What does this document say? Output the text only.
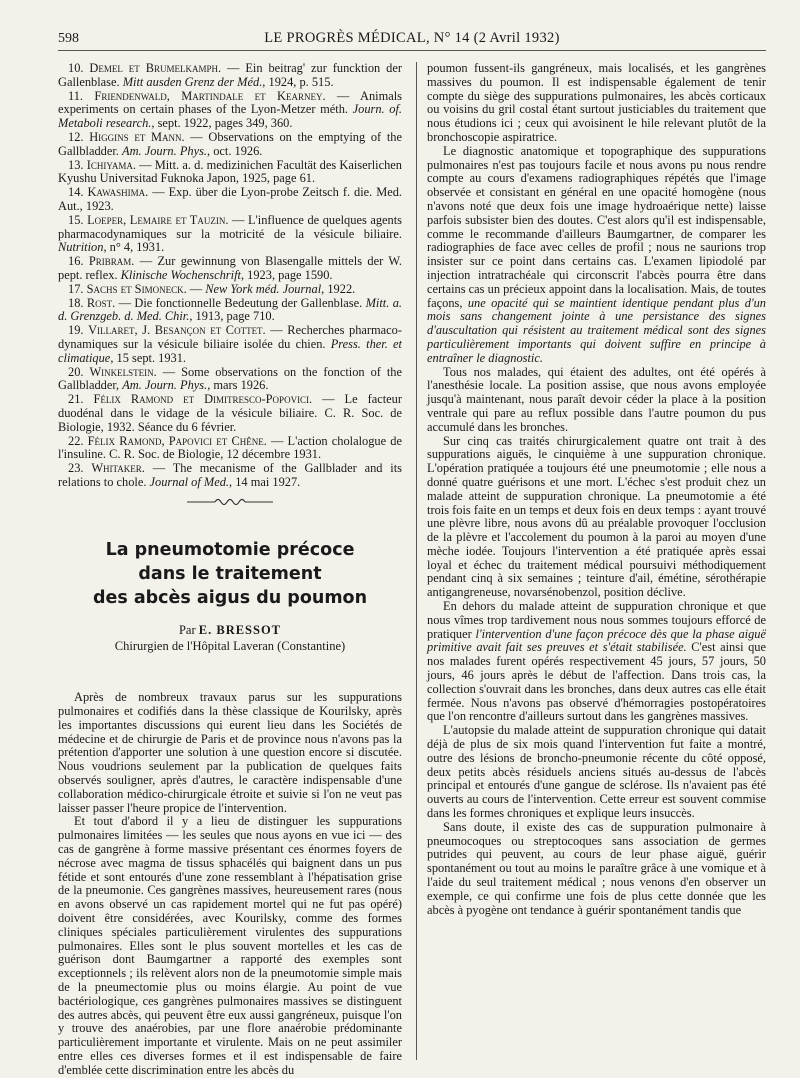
598	LE PROGRÈS MÉDICAL, N° 14 (2 Avril 1932)

10. Demel et Brumelkamph. — Ein beitrag' zur funcktion der Gallenblase. Mitt ausden Grenz der Méd., 1924, p. 515.

11. Friendenwald, Martindale et Kearney. — Animals experiments on certain phases of the Lyon-Metzer méth. Journ. of. Metaboli research., sept. 1922, pages 349, 360.

12. Higgins et Mann. — Observations on the emptying of the Gallbladder. Am. Journ. Phys., oct. 1926.

13. Ichiyama. — Mitt. a. d. medizinichen Facultät des Kaiserlichen Kyushu Universitad Fuknoka Japon, 1925, page 61.

14. Kawashima. — Exp. über die Lyon-probe Zeitsch f. die. Med. Aut., 1923.

15. Loeper, Lemaire et Tauzin. — L'influence de quelques agents pharmacodynamiques sur la motricité de la vésicule biliaire. Nutrition, n° 4, 1931.

16. Pribram. — Zur gewinnung von Blasengalle mittels der W. pept. reflex. Klinische Wochenschrift, 1923, page 1590.

17. Sachs et Simoneck. — New York méd. Journal, 1922.

18. Rost. — Die fonctionnelle Bedeutung der Gallenblase. Mitt. a. d. Grenzgeb. d. Med. Chir., 1913, page 710.

19. Villaret, J. Besançon et Cottet. — Recherches pharmaco-dynamiques sur la vésicule biliaire isolée du chien. Press. ther. et climatique, 15 sept. 1931.

20. Winkelstein. — Some observations on the fonction of the Gallbladder, Am. Journ. Phys., mars 1926.

21. Félix Ramond et Dimitresco-Popovici. — Le facteur duodénal dans le vidage de la vésicule biliaire. C. R. Soc. de Biologie, 1932. Séance du 6 février.

22. Félix Ramond, Papovici et Chêne. — L'action cholalogue de l'insuline. C. R. Soc. de Biologie, 12 décembre 1931.

23. Whitaker. — The mecanisme of the Gallblader and its relations to chole. Journal of Med., 14 mai 1927.

La pneumotomie précoce
dans le traitement
des abcès aigus du poumon

Par E. BRESSOT

Chirurgien de l'Hôpital Laveran (Constantine)

Après de nombreux travaux parus sur les suppurations pulmonaires et codifiés dans la thèse classique de Kourilsky, après les importantes discussions qui eurent lieu dans les Sociétés de médecine et de chirurgie de Paris et de province nous n'avons pas la prétention d'apporter une solution à une question encore si discutée. Nous voudrions seulement par la publication de quelques faits observés souligner, après d'autres, le caractère indispensable d'une collaboration médico-chirurgicale étroite et suivie si l'on ne veut pas laisser passer l'heure propice de l'intervention.

Et tout d'abord il y a lieu de distinguer les suppurations pulmonaires limitées — les seules que nous ayons en vue ici — des cas de gangrène à forme massive présentant ces énormes foyers de nécrose avec magma de tissus sphacélés qui baignent dans un pus fétide et sont entourés d'une zone ressemblant à l'hépatisation grise de la pneumonie. Ces gangrènes massives, heureusement rares (nous en avons observé un cas rapidement mortel qui ne fut pas opéré) doivent être considérées, avec Kourilsky, comme des formes cliniques spéciales particulièrement virulentes des suppurations pulmonaires. Elles sont le plus souvent mortelles et les cas de guérison dont Baumgartner a rapporté des exemples sont exceptionnels ; ils relèvent alors non de la pneumotomie simple mais de la pneumectomie plus ou moins élargie. Au point de vue bactériologique, ces gangrènes pulmonaires massives se distinguent des autres abcès, qui peuvent être eux aussi gangréneux, puisque l'on y trouve des anaérobies, par une flore anaérobie prédominante particulièrement importante et virulente. Mais on ne peut assimiler entre elles ces diverses formes et il est indispensable de faire d'emblée cette discrimination entre les abcès du

poumon fussent-ils gangréneux, mais localisés, et les gangrènes massives du poumon. Il est indispensable également de tenir compte du siège des suppurations pulmonaires, les abcès corticaux ou voisins du gril costal étant surtout justiciables du traitement que nous étudions ici ; ceux qui avoisinent le hile relevant plutôt de la bronchoscopie aspiratrice.

Le diagnostic anatomique et topographique des suppurations pulmonaires n'est pas toujours facile et nous avons pu nous rendre compte au cours d'examens radiographiques répétés que l'image observée et consistant en général en une opacité homogène (nous n'avons noté que deux fois une image hydroaérique nette) laisse parfois subsister bien des doutes. C'est alors qu'il est indispensable, comme le recommande d'ailleurs Baumgartner, de comparer les radiographies de face avec celles de profil ; nous ne saurions trop insister sur ce point dans certains cas. L'examen lipiodolé par injection intratrachéale qui circonscrit l'abcès pourra être dans certains cas un précieux appoint dans la localisation. Mais, de toutes façons, une opacité qui se maintient identique pendant plus d'un mois sans changement jointe à une persistance des signes d'auscultation qui résistent au traitement médical sont des signes particulièrement importants qui doivent suffire en principe à entraîner le diagnostic.

Tous nos malades, qui étaient des adultes, ont été opérés à l'anesthésie locale. La position assise, que nous avons employée jusqu'à maintenant, nous paraît devoir céder la place à la position ventrale qui pare au reflux possible dans l'autre poumon du pus accumulé dans les bronches.

Sur cinq cas traités chirurgicalement quatre ont trait à des suppurations aiguës, le cinquième à une suppuration chronique. L'opération pratiquée a toujours été une pneumotomie ; elle nous a donné quatre guérisons et une mort. L'échec s'est produit chez un malade atteint de suppuration chronique. La pneumotomie a été trois fois faite en un temps et deux fois en deux temps : ayant trouvé une plèvre libre, nous avons dû au préalable provoquer l'occlusion de la plèvre et l'accolement du poumon à la paroi au moyen d'une mèche iodée. Toujours l'intervention a été pratiquée après essai loyal et échec du traitement médical poursuivi méthodiquement pendant cinq à six semaines ; teinture d'ail, émétine, sérothérapie antigangreneuse, novarsénobenzol, position déclive.

En dehors du malade atteint de suppuration chronique et que nous vîmes trop tardivement nous nous sommes toujours efforcé de pratiquer l'intervention d'une façon précoce dès que la phase aiguë primitive avait fait ses preuves et s'était stabilisée. C'est ainsi que nos malades furent opérés respectivement 45 jours, 57 jours, 50 jours, 46 jours après le début de l'affection. Dans trois cas, la collection s'ouvrait dans les bronches, dans deux autres cas elle était fermée. Nous n'avons pas observé d'hémorragies postopératoires que l'on rencontre d'ailleurs surtout dans les gangrènes massives.

L'autopsie du malade atteint de suppuration chronique qui datait déjà de plus de six mois quand l'intervention fut faite a montré, outre des lésions de broncho-pneumonie récente du côté opposé, deux petits abcès résiduels anciens situés au-dessus de l'abcès principal et entourés d'une gangue de sclérose. Ils n'avaient pas été ouverts au cours de l'intervention. Cette erreur est souvent commise dans les formes chroniques et explique leurs insuccès.

Sans doute, il existe des cas de suppuration pulmonaire à pneumocoques ou streptocoques sans association de germes putrides qui peuvent, au cours de leur phase aiguë, guérir spontanément ou tout au moins le paraître grâce à une vomique et à l'aide du seul traitement médical ; nous venons d'en observer un exemple, ce qui confirme une fois de plus cette donnée que les abcès à pyogène ont tendance à guérir spontanément tandis que
